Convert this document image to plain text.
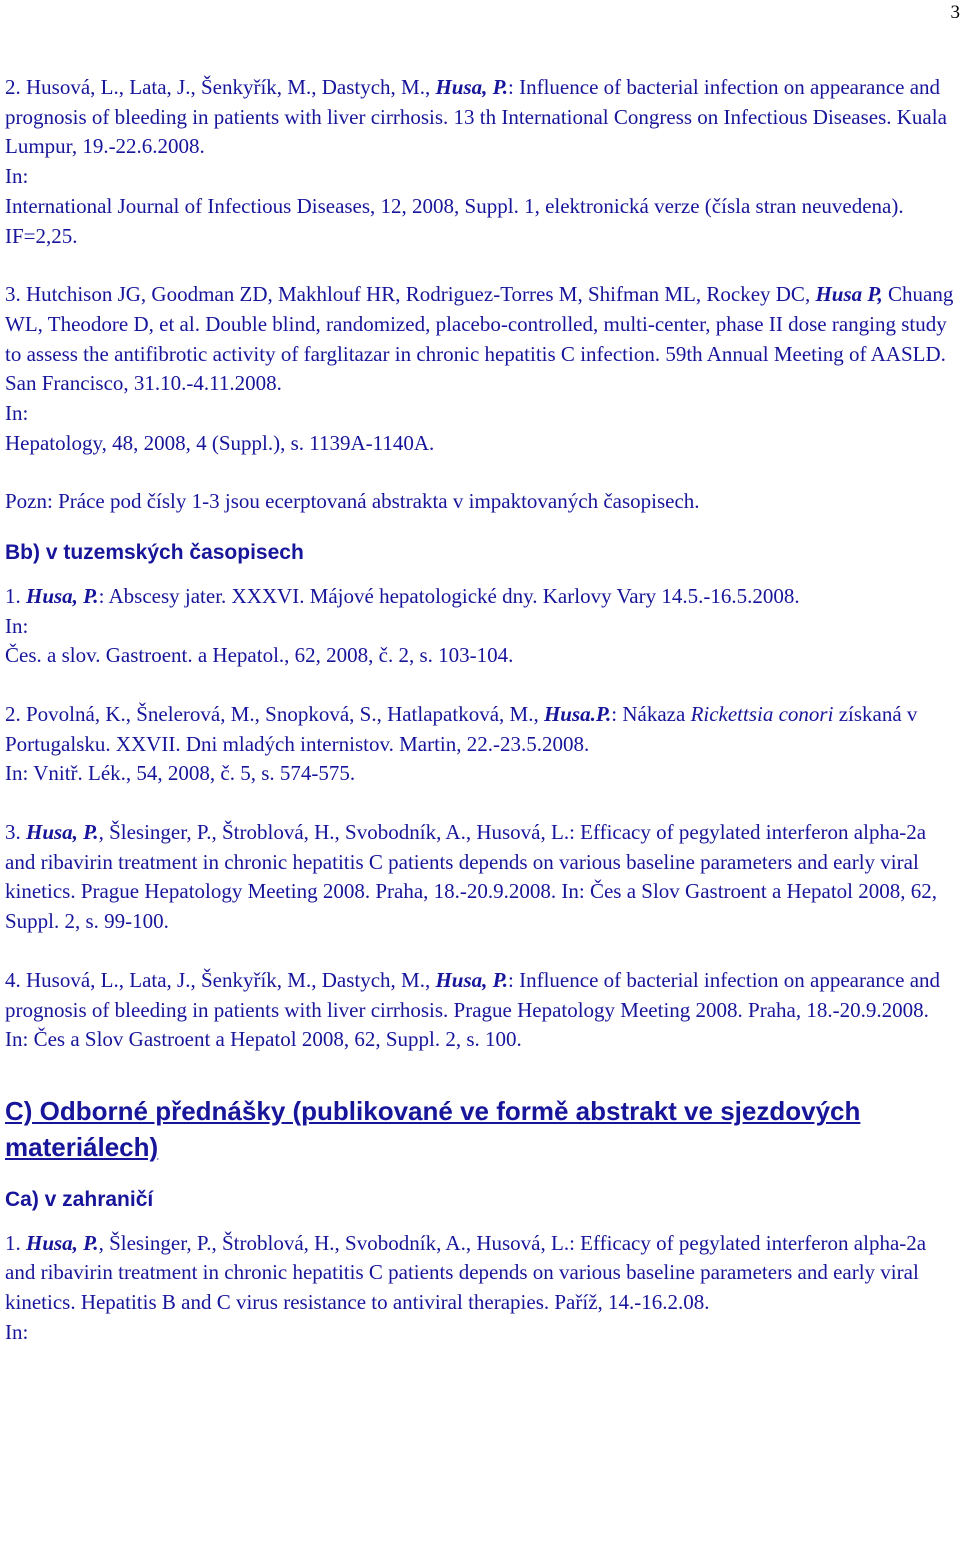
3

2. Husová, L., Lata, J., Šenkyřík, M., Dastych, M., Husa, P.: Influence of bacterial infection on appearance and prognosis of bleeding in patients with liver cirrhosis. 13 th International Congress on Infectious Diseases. Kuala Lumpur, 19.-22.6.2008.
In:
International Journal of Infectious Diseases, 12, 2008, Suppl. 1, elektronická verze (čísla stran neuvedena). IF=2,25.

3. Hutchison JG, Goodman ZD, Makhlouf HR, Rodriguez-Torres M, Shifman ML, Rockey DC, Husa P, Chuang WL, Theodore D, et al. Double blind, randomized, placebo-controlled, multi-center, phase II dose ranging study to assess the antifibrotic activity of farglitazar in chronic hepatitis C infection. 59th Annual Meeting of AASLD. San Francisco, 31.10.-4.11.2008.
In:
Hepatology, 48, 2008, 4 (Suppl.), s. 1139A-1140A.

Pozn: Práce pod čísly 1-3 jsou ecerptovaná abstrakta v impaktovaných časopisech.

Bb) v tuzemských časopisech

1. Husa, P.: Abscesy jater. XXXVI. Májové hepatologické dny. Karlovy Vary 14.5.-16.5.2008.
In:
Čes. a slov. Gastroent. a Hepatol., 62, 2008, č. 2, s. 103-104.

2. Povolná, K., Šnelerová, M., Snopková, S., Hatlapatková, M., Husa.P.: Nákaza Rickettsia conori získaná v Portugalsku. XXVII. Dni mladých internistov. Martin, 22.-23.5.2008.
In: Vnitř. Lék., 54, 2008, č. 5, s. 574-575.

3. Husa, P., Šlesinger, P., Štroblová, H., Svobodník, A., Husová, L.: Efficacy of pegylated interferon alpha-2a and ribavirin treatment in chronic hepatitis C patients depends on various baseline parameters and early viral kinetics. Prague Hepatology Meeting 2008. Praha, 18.-20.9.2008. In: Čes a Slov Gastroent a Hepatol 2008, 62, Suppl. 2, s. 99-100.

4. Husová, L., Lata, J., Šenkyřík, M., Dastych, M., Husa, P.: Influence of bacterial infection on appearance and prognosis of bleeding in patients with liver cirrhosis. Prague Hepatology Meeting 2008. Praha, 18.-20.9.2008. In: Čes a Slov Gastroent a Hepatol 2008, 62, Suppl. 2, s. 100.

C) Odborné přednášky (publikované ve formě abstrakt ve sjezdových materiálech)
Ca) v zahraničí

1. Husa, P., Šlesinger, P., Štroblová, H., Svobodník, A., Husová, L.: Efficacy of pegylated interferon alpha-2a and ribavirin treatment in chronic hepatitis C patients depends on various baseline parameters and early viral kinetics. Hepatitis B and C virus resistance to antiviral therapies. Paříž, 14.-16.2.08.
In:
